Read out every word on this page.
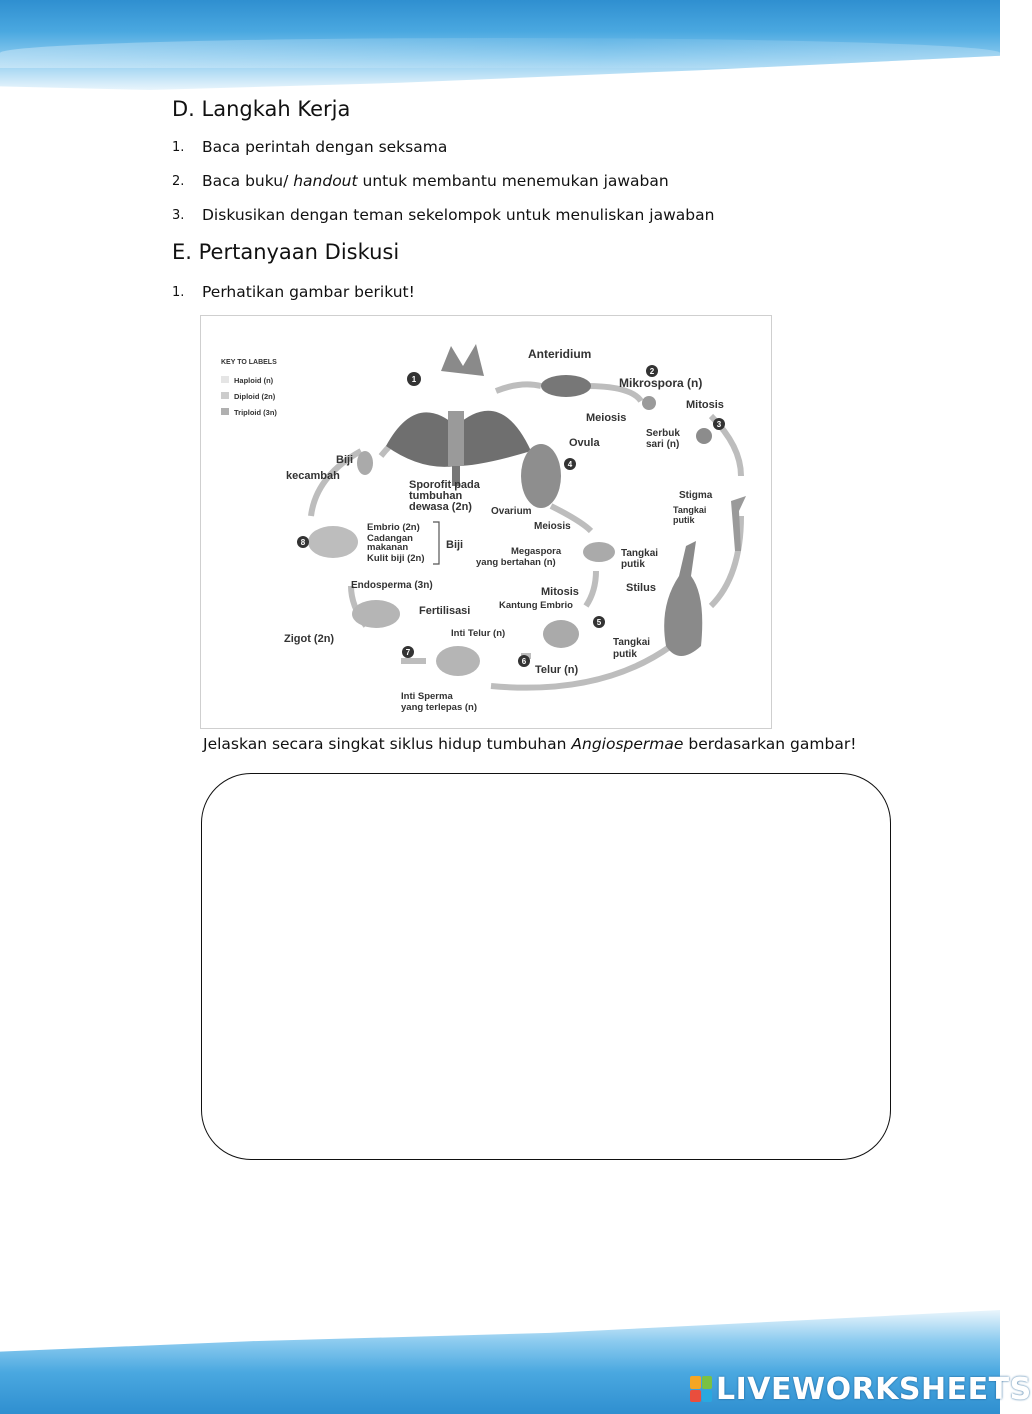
D. Langkah Kerja
1.	Baca perintah dengan seksama
2.	Baca buku/ handout untuk membantu menemukan jawaban
3.	Diskusikan dengan teman sekelompok untuk menuliskan jawaban
E. Pertanyaan Diskusi
1.	Perhatikan gambar berikut!
KEY TO LABELS
Haploid (n)
Diploid (2n)
Triploid (3n)
1
2
3
4
5
6
7
8
Anteridium
Mikrospora (n)
Meiosis
Mitosis
Serbuk
sari (n)
Ovula
Biji
kecambah
Sporofit pada
tumbuhan
dewasa (2n) Ovarium
Meiosis
Stigma
Tangkai
putik
Embrio (2n)
Cadangan
makanan
Kulit biji (2n)
Biji
Megaspora
yang bertahan (n)
Tangkai
putik
Stilus
Endosperma (3n)
Mitosis
Kantung Embrio
Fertilisasi
Zigot (2n)	Inti Telur (n)
Tangkai
putik
Telur (n)
Inti Sperma
yang terlepas (n)
Jelaskan secara singkat siklus hidup tumbuhan Angiospermae berdasarkan gambar!
LIVEWORKSHEETS
